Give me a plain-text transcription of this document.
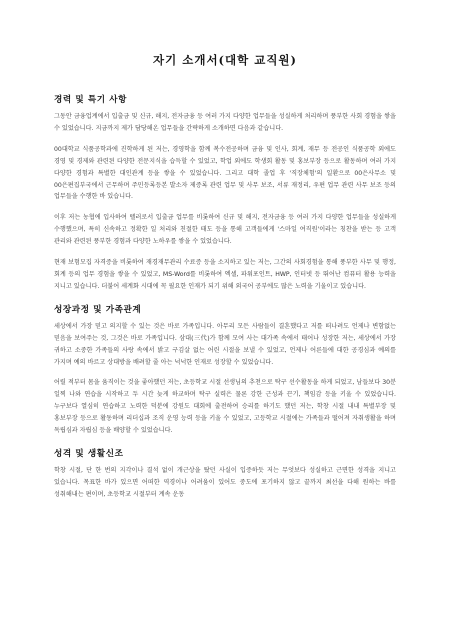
자기 소개서(대학 교직원)
경력 및 특기 사항

그동안 금융업계에서 입출금 및 신규, 해지, 전자금융 등 여러 가지 다양한 업무들을 성실하게 처리하며 풍부한 사회 경험을 쌓을 수 있었습니다. 지금까지 제가 담당해온 업무들을 간략하게 소개하면 다음과 같습니다.

00대학교 식품공학과에 진학하게 된 저는, 경영학을 함께 복수전공하며 금융 및 인사, 회계, 재무 등 전공인 식품공학 외에도 경영 및 경제와 관련된 다양한 전문지식을 습득할 수 있었고, 학업 외에도 학생회 활동 및 홍보부장 등으로 활동하며 여러 가지 다양한 경험과 특별한 대인관계 등을 쌓을 수 있었습니다. 그리고 대학 졸업 후 '직장체험'의 일환으로 00은사무소 및 00은편집부국에서 근무하며 주민등록등본 발소자 제증록 관련 업무 및 사무 보조, 서류 재정리, 우편 업무 관련 사무 보조 등의 업무들을 수행한 바 있습니다.

이후 저는 농협에 입사하여 텔러로서 입출금 업무를 비롯하여 신규 및 해지, 전자금융 등 여러 가지 다양한 업무들을 성실하게 수행했으며, 특히 신속하고 정확한 일 처리와 친절한 태도 등을 통해 고객들에게 '스마일 여직원'이라는 칭찬을 받는 등 고객 관리와 관련된 풍부한 경험과 다양한 노하우를 쌓을 수 있었습니다.

현재 보험모집 자격증을 비롯하여 재경재무관리 수료증 등을 소지하고 있는 저는, 그간의 사회경험을 통해 풍부한 사무 및 행정, 회계 등의 업무 경험을 쌓을 수 있었고, MS-Word를 비롯하여 엑셀, 파워포인트, HWP, 인터넷 등 뛰어난 컴퓨터 활용 능력을 지니고 있습니다. 더불어 세계화 시대에 꼭 필요한 인재가 되기 위해 외국어 공부에도 많은 노력을 기울이고 있습니다.

성장과정 및 가족관계

세상에서 가장 믿고 의지할 수 있는 것은 바로 가족입니다. 아무리 모든 사람들이 결혼했다고 저를 떠나려도 언제나 변함없는 믿음을 보여주는 것, 그것은 바로 가족입니다. 삼대(三代)가 함께 모여 사는 대가족 속에서 태어나 성장한 저는, 세상에서 가장 귀하고 소중한 가족들의 사랑 속에서 밝고 구김살 없는 어린 시절을 보낼 수 있었고, 언제나 어른들에 대한 공경심과 예의를 가지며 예의 바르고 상대방을 배려할 줄 아는 넉넉한 인재로 성장할 수 있었습니다.

어릴 적부터 몸을 움직이는 것을 좋아했던 저는, 초등학교 시절 선생님의 추천으로 탁구 선수활동을 하게 되었고, 남들보다 30분 일찍 나와 연습을 시작하고 두 시간 늦게 하교하며 탁구 실력은 물론 강한 근성과 끈기, 책임감 등을 키울 수 있었습니다. 누구보다 열심히 연습하고 노력한 덕분에 강원도 대회에 출전하여 승리를 하기도 했던 저는, 학창 시절 내내 특별부장 및 홍보부장 등으로 활동하며 리더십과 조직 운영 능력 등을 키울 수 있었고, 고등학교 시절에는 가족들과 떨어져 자취생활을 하며 독립심과 자립심 등을 배양할 수 있었습니다.

성격 및 생활신조

학창 시절, 단 한 번의 지각이나 결석 없이 개근상을 탔던 사실이 입증하듯 저는 무엇보다 성실하고 근면한 성격을 지니고 있습니다. 목표한 바가 있으면 어떠한 역경이나 어려움이 있어도 중도에 포기하지 않고 끝까지 최선을 다해 원하는 바를 성취해내는 편이며, 초등학교 시절부터 계속 운동
